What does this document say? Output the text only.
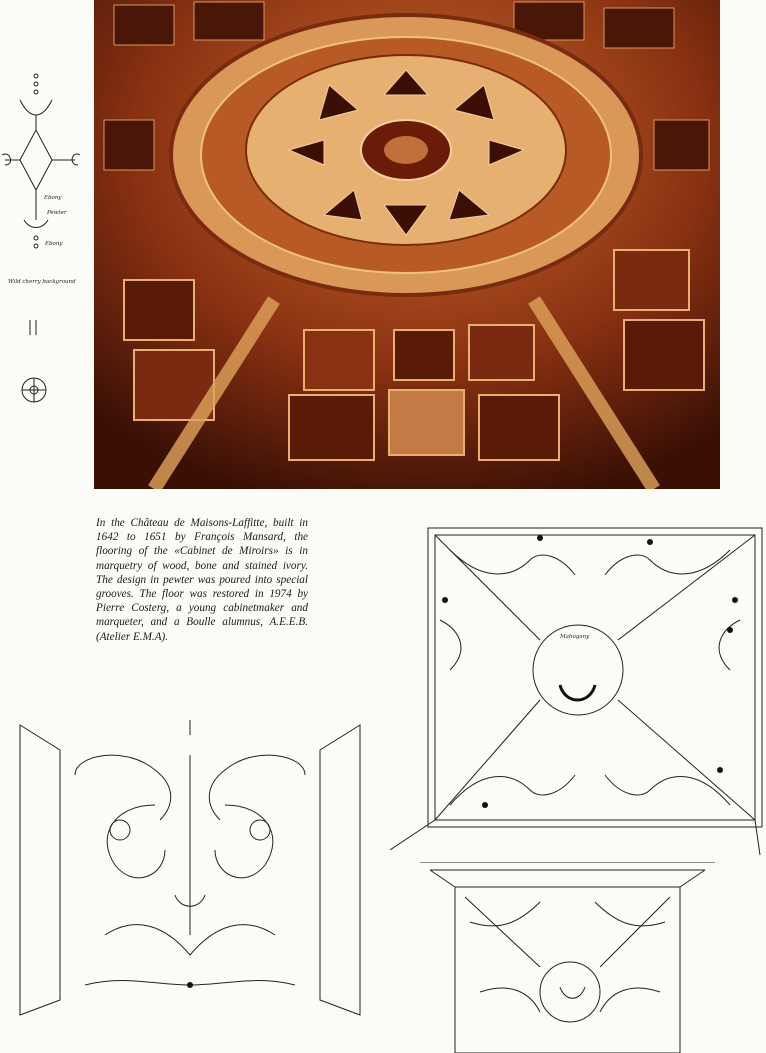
Ebony
Pewter
Ebony
Wild cherry background

In the Château de Maisons-Laffitte, built in 1642 to 1651 by François Mansard, the flooring of the «Cabinet de Miroirs» is in marquetry of wood, bone and stained ivory. The design in pewter was poured into special grooves. The floor was restored in 1974 by Pierre Costerg, a young cabinetmaker and marqueter, and a Boulle alumnus, A.E.E.B. (Atelier E.M.A).	Mahogany
